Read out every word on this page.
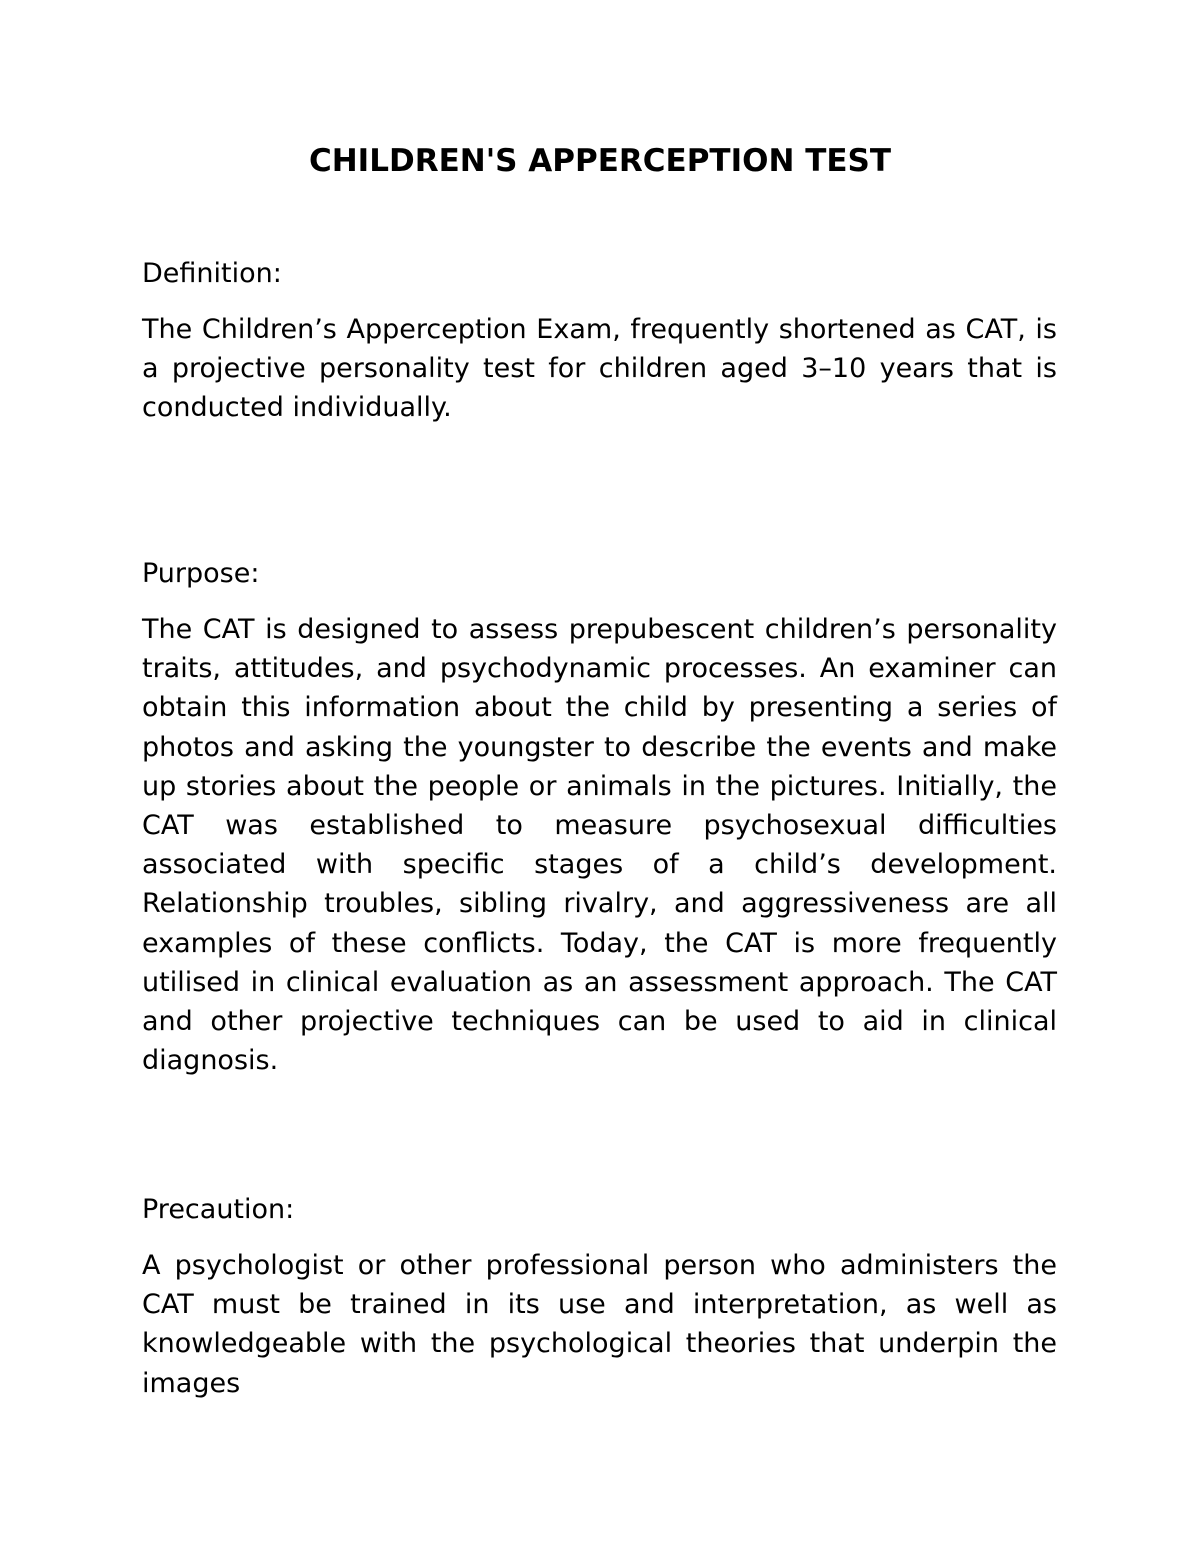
CHILDREN'S APPERCEPTION TEST

Definition:

The Children’s Apperception Exam, frequently shortened as CAT, is a projective personality test for children aged 3–10 years that is conducted individually.

Purpose:

The CAT is designed to assess prepubescent children’s personality traits, attitudes, and psychodynamic processes. An examiner can obtain this information about the child by presenting a series of photos and asking the youngster to describe the events and make up stories about the people or animals in the pictures. Initially, the CAT was established to measure psychosexual difficulties associated with specific stages of a child’s development. Relationship troubles, sibling rivalry, and aggressiveness are all examples of these conflicts. Today, the CAT is more frequently utilised in clinical evaluation as an assessment approach. The CAT and other projective techniques can be used to aid in clinical diagnosis.

Precaution:

A psychologist or other professional person who administers the CAT must be trained in its use and interpretation, as well as knowledgeable with the psychological theories that underpin the images
